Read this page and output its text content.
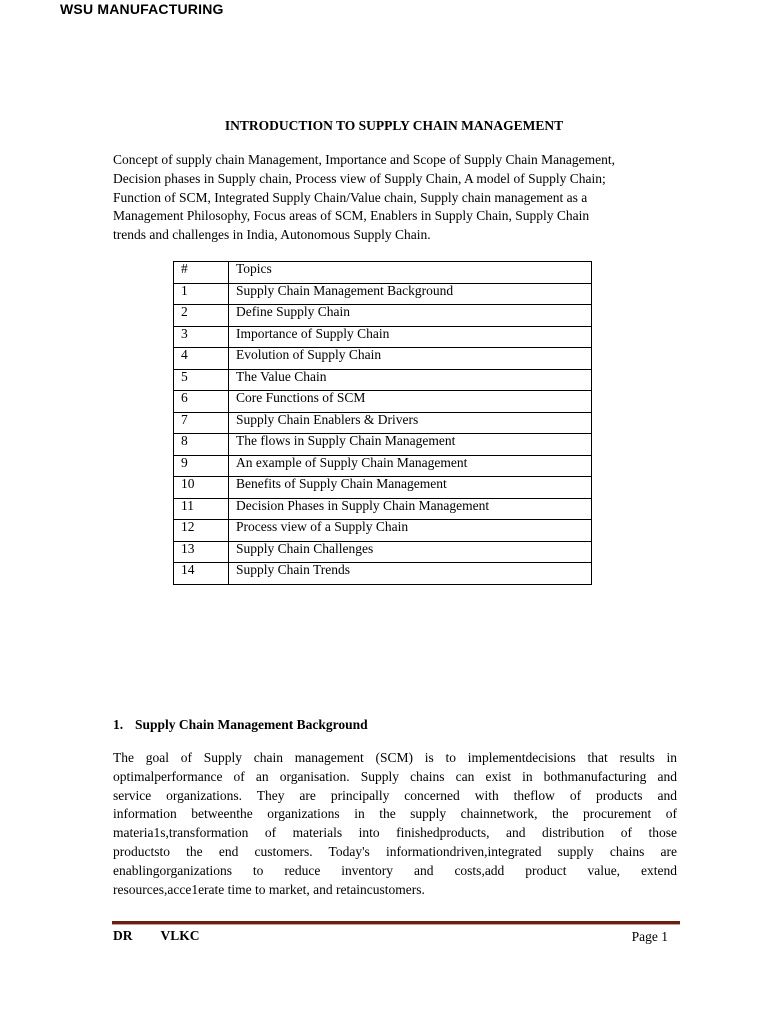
WSU MANUFACTURING
INTRODUCTION TO SUPPLY CHAIN MANAGEMENT
Concept of supply chain Management, Importance and Scope of Supply Chain Management,
Decision phases in Supply chain, Process view of Supply Chain, A model of Supply Chain;
Function of SCM, Integrated Supply Chain/Value chain, Supply chain management as a
Management Philosophy, Focus areas of SCM, Enablers in Supply Chain, Supply Chain
trends and challenges in India, Autonomous Supply Chain.
#	Topics
1	Supply Chain Management Background
2	Define Supply Chain
3	Importance of Supply Chain
4	Evolution of Supply Chain
5	The Value Chain
6	Core Functions of SCM
7	Supply Chain Enablers & Drivers
8	The flows in Supply Chain Management
9	An example of Supply Chain Management
10	Benefits of Supply Chain Management
11	Decision Phases in Supply Chain Management
12	Process view of a Supply Chain
13	Supply Chain Challenges
14	Supply Chain Trends
1. Supply Chain Management Background
The goal of Supply chain management (SCM) is to implementdecisions that results in
optimalperformance of an organisation. Supply chains can exist in bothmanufacturing and
service organizations. They are principally concerned with theflow of products and
information betweenthe organizations in the supply chainnetwork, the procurement of
materia1s,transformation of materials into finishedproducts, and distribution of those
productsto the end customers. Today's informationdriven,integrated supply chains are
enablingorganizations to reduce inventory and costs,add product value, extend
resources,acce1erate time to market, and retaincustomers.
DR VLKC	Page 1
